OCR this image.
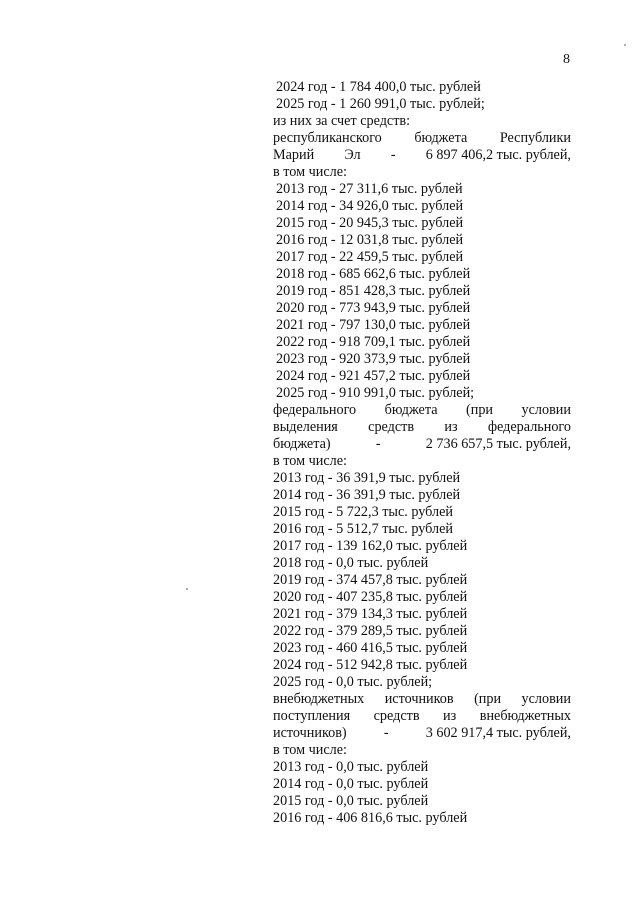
8
2024 год - 1 784 400,0 тыс. рублей
2025 год - 1 260 991,0 тыс. рублей;
из них за счет средств:
республиканского бюджета Республики
Марий Эл - 6 897 406,2 тыс. рублей,
в том числе:
2013 год - 27 311,6 тыс. рублей
2014 год - 34 926,0 тыс. рублей
2015 год - 20 945,3 тыс. рублей
2016 год - 12 031,8 тыс. рублей
2017 год - 22 459,5 тыс. рублей
2018 год - 685 662,6 тыс. рублей
2019 год - 851 428,3 тыс. рублей
2020 год - 773 943,9 тыс. рублей
2021 год - 797 130,0 тыс. рублей
2022 год - 918 709,1 тыс. рублей
2023 год - 920 373,9 тыс. рублей
2024 год - 921 457,2 тыс. рублей
2025 год - 910 991,0 тыс. рублей;
федерального бюджета (при условии
выделения средств из федерального
бюджета)	-	2 736 657,5 тыс. рублей,
в том числе:
2013 год - 36 391,9 тыс. рублей
2014 год - 36 391,9 тыс. рублей
2015 год - 5 722,3 тыс. рублей
2016 год - 5 512,7 тыс. рублей
2017 год - 139 162,0 тыс. рублей
2018 год - 0,0 тыс. рублей
2019 год - 374 457,8 тыс. рублей
2020 год - 407 235,8 тыс. рублей
2021 год - 379 134,3 тыс. рублей
2022 год - 379 289,5 тыс. рублей
2023 год - 460 416,5 тыс. рублей
2024 год - 512 942,8 тыс. рублей
2025 год - 0,0 тыс. рублей;
внебюджетных источников (при условии
поступления средств из внебюджетных
источников)	-	3 602 917,4 тыс. рублей,
в том числе:
2013 год - 0,0 тыс. рублей
2014 год - 0,0 тыс. рублей
2015 год - 0,0 тыс. рублей
2016 год - 406 816,6 тыс. рублей
